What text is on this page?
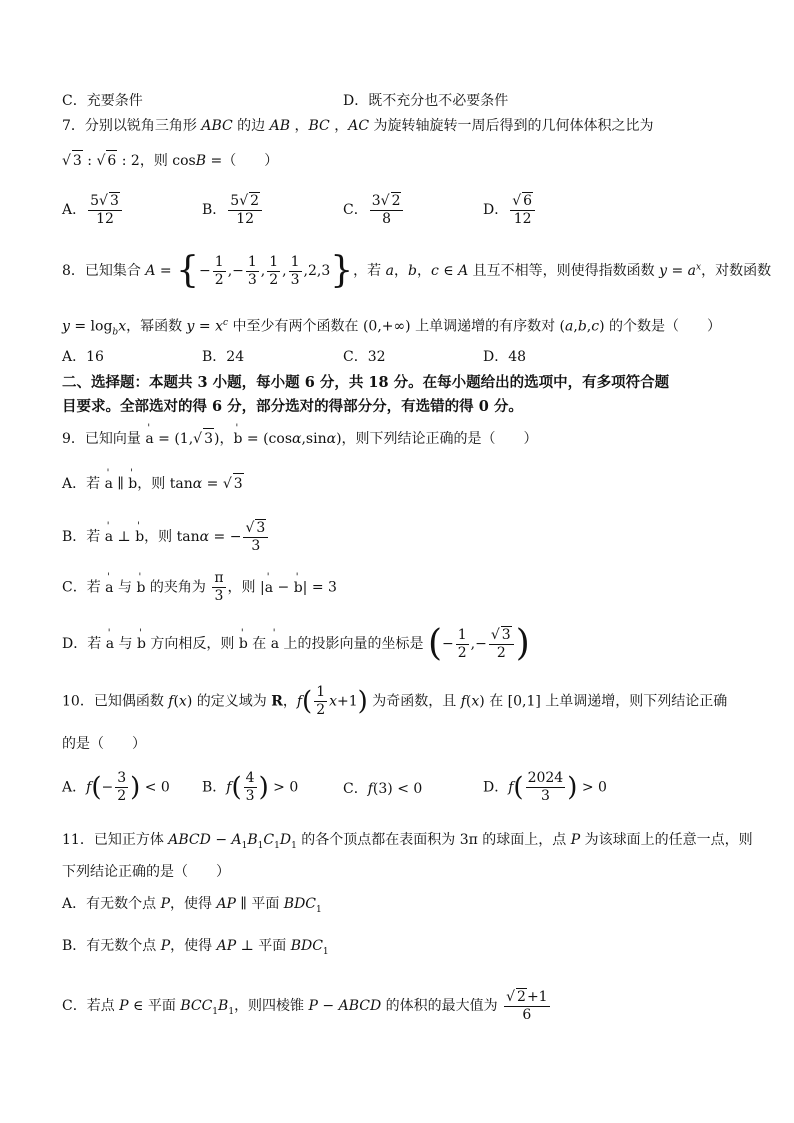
C．充要条件	D．既不充分也不必要条件
7．分别以锐角三角形 ABC 的边 AB ，BC ，AC 为旋转轴旋转一周后得到的几何体体积之比为
√ 3 : √ 6 : 2，则 cosB =（　　）
A． $\frac{5√ 3}{12}$	B． $\frac{5√ 2}{12}$	C． $\frac{3√ 2}{8}$	D． $\frac{√ 6}{12}$
8．已知集合 A = {− $\frac{1}{2}$ ,− $\frac{1}{3}$ , $\frac{1}{2}$ , $\frac{1}{3} ,2,3$}，若 a，b，c ∈ A 且互不相等，则使得指数函数 $y = a^x$，对数函数
$y = \log_bx$，幂函数 $y = x^c$ 中至少有两个函数在 (0,+∞) 上单调递增的有序数对 (a,b,c) 的个数是（　　）
A．16	B．24	C．32	D．48
二、选择题：本题共 3 小题，每小题 6 分，共 18 分。在每小题给出的选项中，有多项符合题
目要求。全部选对的得 6 分，部分选对的得部分分，有选错的得 0 分。
9．已知向量 ' a = (1,√ 3)，' b = (cosα,sinα)，则下列结论正确的是（　　）
A．若 ' a ∥ ' b，则 tanα = √ 3
B．若 ' a ⊥ ' b，则 tanα = − $\frac{√ 3}{3}$
C．若 ' a 与 ' b 的夹角为 $\frac{\pi}{3}$ ，则 |' a − ' b| = 3
D．若 ' a 与 ' b 方向相反，则 ' b 在 ' a 上的投影向量的坐标是 (− $\frac{1}{2}$ ,− $\frac{√ 3}{2}$ )
10．已知偶函数 f(x) 的定义域为 R，$f( \frac{1}{2} x+1)$ 为奇函数，且 f(x) 在 [0,1] 上单调递增，则下列结论正确
的是（　　）
A．$f(- \frac{3}{2}$ ) < 0 B．$f( \frac{4}{3}$ ) > 0	C．f(3) < 0	D．$f( \frac{2024}{3}$ ) > 0
11．已知正方体 ABCD − $A_1B_1C_1D_1$ 的各个顶点都在表面积为 3π 的球面上，点 P 为该球面上的任意一点，则
下列结论正确的是（　　）
A．有无数个点 P，使得 AP ∥ 平面 $BDC_1$
B．有无数个点 P，使得 AP ⊥ 平面 $BDC_1$
C．若点 P ∈ 平面 $BCC_1B_1$，则四棱锥 P − ABCD 的体积的最大值为 $\frac{√ 2+1}{6}$
